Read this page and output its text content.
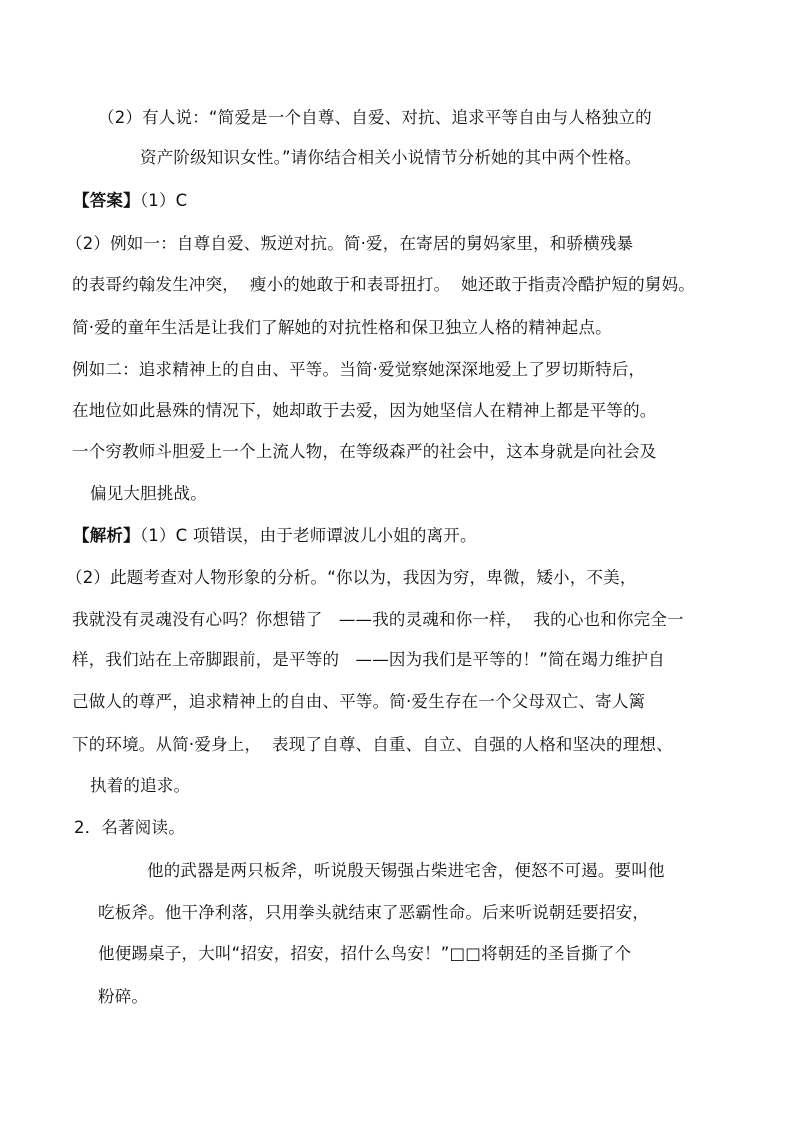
（2）有人说：“简爱是一个自尊、自爱、对抗、追求平等自由与人格独立的

资产阶级知识女性。”请你结合相关小说情节分析她的其中两个性格。

【答案】（1）C

（2）例如一：自尊自爱、叛逆对抗。简·爱，在寄居的舅妈家里，和骄横残暴

的表哥约翰发生冲突，  瘦小的她敢于和表哥扭打。  她还敢于指责冷酷护短的舅妈。

简·爱的童年生活是让我们了解她的对抗性格和保卫独立人格的精神起点。

例如二：追求精神上的自由、平等。当简·爱觉察她深深地爱上了罗切斯特后，

在地位如此悬殊的情况下，她却敢于去爱，因为她坚信人在精神上都是平等的。

一个穷教师斗胆爱上一个上流人物，在等级森严的社会中，这本身就是向社会及

偏见大胆挑战。

【解析】（1）C 项错误，由于老师谭波儿小姐的离开。

（2）此题考查对人物形象的分析。“你以为，我因为穷，卑微，矮小，不美，

我就没有灵魂没有心吗？你想错了   ——我的灵魂和你一样，  我的心也和你完全一

样，我们站在上帝脚跟前，是平等的   ——因为我们是平等的！”简在竭力维护自

己做人的尊严，追求精神上的自由、平等。简·爱生存在一个父母双亡、寄人篱

下的环境。从简·爱身上，  表现了自尊、自重、自立、自强的人格和坚决的理想、

执着的追求。

2．名著阅读。

他的武器是两只板斧，听说殷天锡强占柴进宅舍，便怒不可遏。要叫他

吃板斧。他干净利落，只用拳头就结束了恶霸性命。后来听说朝廷要招安，

他便踢桌子，大叫“招安，招安，招什么鸟安！”□□将朝廷的圣旨撕了个

粉碎。
